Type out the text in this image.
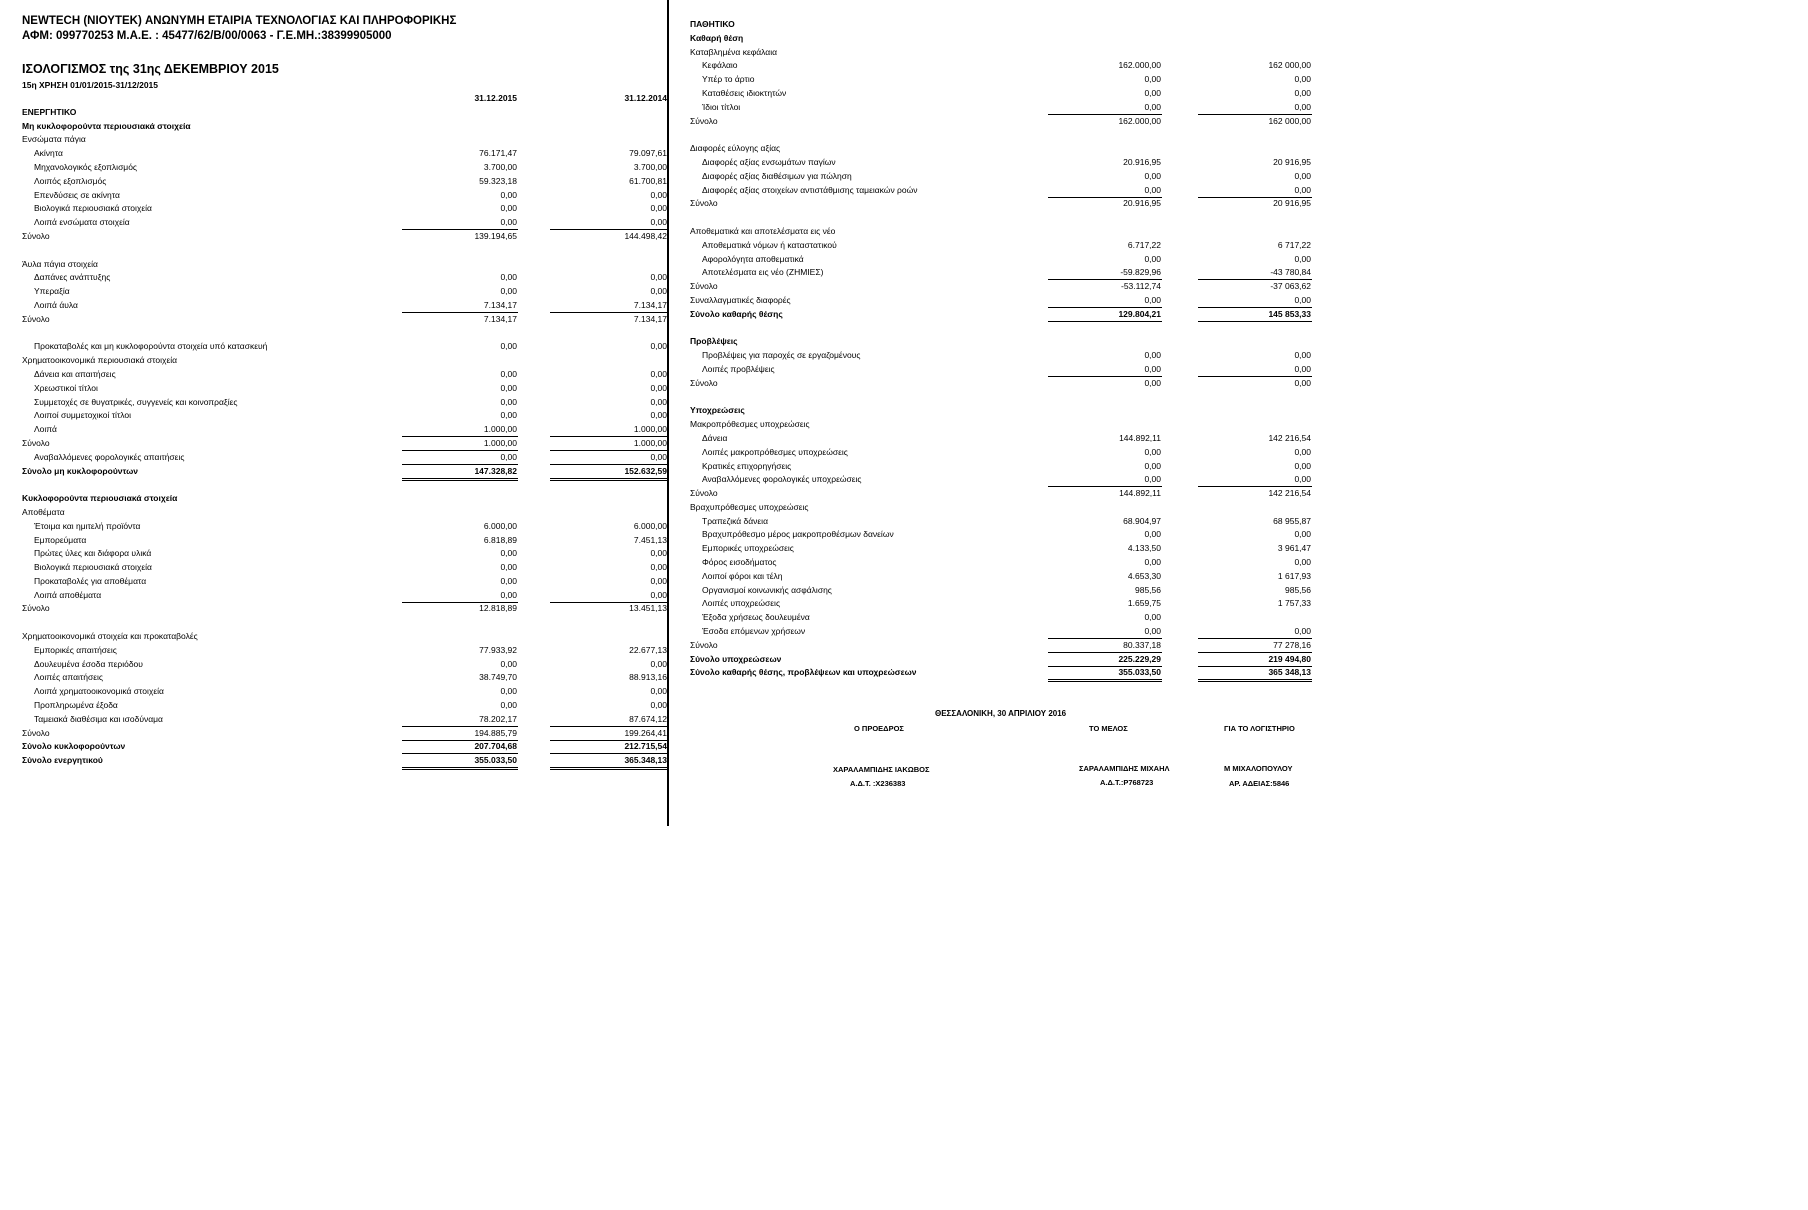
NEWTECH (ΝΙΟΥΤΕΚ) ΑΝΩΝΥΜΗ ΕΤΑΙΡΙΑ ΤΕΧΝΟΛΟΓΙΑΣ ΚΑΙ ΠΛΗΡΟΦΟΡΙΚΗΣ
ΑΦΜ: 099770253 Μ.Α.Ε. : 45477/62/Β/00/0063 - Γ.Ε.ΜΗ.:38399905000
ΙΣΟΛΟΓΙΣΜΟΣ της 31ης ΔΕΚΕΜΒΡΙΟΥ 2015
15η ΧΡΗΣΗ 01/01/2015-31/12/2015
31.12.2015	31.12.2014
ΕΝΕΡΓΗΤΙΚΟ
Μη κυκλοφορούντα περιουσιακά στοιχεία
Ενσώματα πάγια
Ακίνητα	76.171,47	79.097,61
Μηχανολογικός εξοπλισμός	3.700,00	3.700,00
Λοιπός εξοπλισμός	59.323,18	61.700,81
Επενδύσεις σε ακίνητα	0,00	0,00
Βιολογικά περιουσιακά στοιχεία	0,00	0,00
Λοιπά ενσώματα στοιχεία	0,00	0,00
Σύνολο	139.194,65	144.498,42
Άυλα πάγια στοιχεία
Δαπάνες ανάπτυξης	0,00	0,00
Υπεραξία	0,00	0,00
Λοιπά άυλα	7.134,17	7.134,17
Σύνολο	7.134,17	7.134,17
Προκαταβολές και μη κυκλοφορούντα στοιχεία υπό κατασκευή	0,00	0,00
Χρηματοοικονομικά περιουσιακά στοιχεία
Δάνεια και απαιτήσεις	0,00	0,00
Χρεωστικοί τίτλοι	0,00	0,00
Συμμετοχές σε θυγατρικές, συγγενείς και κοινοπραξίες	0,00	0,00
Λοιποί συμμετοχικοί τίτλοι	0,00	0,00
Λοιπά	1.000,00	1.000,00
Σύνολο	1.000,00	1.000,00
Αναβαλλόμενες φορολογικές απαιτήσεις	0,00	0,00
Σύνολο μη κυκλοφορούντων	147.328,82	152.632,59
Κυκλοφορούντα περιουσιακά στοιχεία
Αποθέματα
Έτοιμα και ημιτελή προϊόντα	6.000,00	6.000,00
Εμπορεύματα	6.818,89	7.451,13
Πρώτες ύλες και διάφορα υλικά	0,00	0,00
Βιολογικά περιουσιακά στοιχεία	0,00	0,00
Προκαταβολές για αποθέματα	0,00	0,00
Λοιπά αποθέματα	0,00	0,00
Σύνολο	12.818,89	13.451,13
Χρηματοοικονομικά στοιχεία και προκαταβολές
Εμπορικές απαιτήσεις	77.933,92	22.677,13
Δουλευμένα έσοδα περιόδου	0,00	0,00
Λοιπές απαιτήσεις	38.749,70	88.913,16
Λοιπά χρηματοοικονομικά στοιχεία	0,00	0,00
Προπληρωμένα έξοδα	0,00	0,00
Ταμειακά διαθέσιμα και ισοδύναμα	78.202,17	87.674,12
Σύνολο	194.885,79	199.264,41
Σύνολο κυκλοφορούντων	207.704,68	212.715,54
Σύνολο ενεργητικού	355.033,50	365.348,13
ΠΑΘΗΤΙΚΟ
Καθαρή θέση
Καταβλημένα κεφάλαια
Κεφάλαιο	162.000,00	162 000,00
Υπέρ το άρτιο	0,00	0,00
Καταθέσεις ιδιοκτητών	0,00	0,00
Ίδιοι τίτλοι	0,00	0,00
Σύνολο	162.000,00	162 000,00
Διαφορές εύλογης αξίας
Διαφορές αξίας ενσωμάτων παγίων	20.916,95	20 916,95
Διαφορές αξίας διαθέσιμων για πώληση	0,00	0,00
Διαφορές αξίας στοιχείων αντιστάθμισης ταμειακών ροών	0,00	0,00
Σύνολο	20.916,95	20 916,95
Αποθεματικά και αποτελέσματα εις νέο
Αποθεματικά νόμων ή καταστατικού	6.717,22	6 717,22
Αφορολόγητα αποθεματικά	0,00	0,00
Αποτελέσματα εις νέο (ΖΗΜΙΕΣ)	-59.829,96	-43 780,84
Σύνολο	-53.112,74	-37 063,62
Συναλλαγματικές διαφορές	0,00	0,00
Σύνολο καθαρής θέσης	129.804,21	145 853,33
Προβλέψεις
Προβλέψεις για παροχές σε εργαζομένους	0,00	0,00
Λοιπές προβλέψεις	0,00	0,00
Σύνολο	0,00	0,00
Υποχρεώσεις
Μακροπρόθεσμες υποχρεώσεις
Δάνεια	144.892,11	142 216,54
Λοιπές μακροπρόθεσμες υποχρεώσεις	0,00	0,00
Κρατικές επιχορηγήσεις	0,00	0,00
Αναβαλλόμενες φορολογικές υποχρεώσεις	0,00	0,00
Σύνολο	144.892,11	142 216,54
Βραχυπρόθεσμες υποχρεώσεις
Τραπεζικά δάνεια	68.904,97	68 955,87
Βραχυπρόθεσμο μέρος μακροπροθέσμων δανείων	0,00	0,00
Εμπορικές υποχρεώσεις	4.133,50	3 961,47
Φόρος εισοδήματος	0,00	0,00
Λοιποί φόροι και τέλη	4.653,30	1 617,93
Οργανισμοί κοινωνικής ασφάλισης	985,56	985,56
Λοιπές υποχρεώσεις	1.659,75	1 757,33
Έξοδα χρήσεως δουλευμένα	0,00
Έσοδα επόμενων χρήσεων	0,00	0,00
Σύνολο	80.337,18	77 278,16
Σύνολο υποχρεώσεων	225.229,29	219 494,80
Σύνολο καθαρής θέσης, προβλέψεων και υποχρεώσεων	355.033,50	365 348,13
ΘΕΣΣΑΛΟΝΙΚΗ, 30 ΑΠΡΙΛΙΟΥ 2016
Ο ΠΡΟΕΔΡΟΣ	ΤΟ ΜΕΛΟΣ	ΓΙΑ ΤΟ ΛΟΓΙΣΤΗΡΙΟ
ΧΑΡΑΛΑΜΠΙΔΗΣ ΙΑΚΩΒΟΣ	ΣΑΡΑΛΑΜΠΙΔΗΣ ΜΙΧΑΗΛ	Μ ΜΙΧΑΛΟΠΟΥΛΟΥ
Α.Δ.Τ. :Χ236383	Α.Δ.Τ.:Ρ768723	ΑΡ. ΑΔΕΙΑΣ:5846
